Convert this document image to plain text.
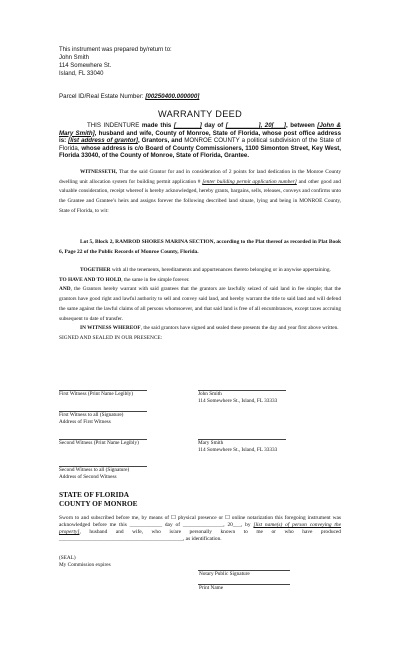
This instrument was prepared by/return to:
John Smith
114 Somewhere St.
Island, FL 33040
Parcel ID/Real Estate Number: [00250400.000000]
WARRANTY DEED
THIS INDENTURE made this [_______] day of [_________], 20[___], between [John & Mary Smith], husband and wife, County of Monroe, State of Florida, whose post office address is: [list address of grantor], Grantors, and MONROE COUNTY a political subdivision of the State of Florida, whose address is c/o Board of County Commissioners, 1100 Simonton Street, Key West, Florida 33040, of the County of Monroe, State of Florida, Grantee.
WITNESSETH, That the said Grantor for and in consideration of 2 points for land dedication in the Monroe County dwelling unit allocation system for building permit application # [enter building permit application number] and other good and valuable consideration, receipt whereof is hereby acknowledged, hereby grants, bargains, sells, releases, conveys and confirms unto the Grantee and Grantee’s heirs and assigns forever the following described land situate, lying and being in MONROE County, State of Florida, to wit:
Lot 5, Block 2, RAMROD SHORES MARINA SECTION, according to the Plat thereof as recorded in Plat Book 6, Page 22 of the Public Records of Monroe County, Florida.
TOGETHER with all the tenements, hereditaments and appurtenances thereto belonging or in anywise appertaining.
TO HAVE AND TO HOLD, the same in fee simple forever.
AND, the Grantors hereby warrant with said grantees that the grantors are lawfully seized of said land in fee simple; that the grantors have good right and lawful authority to sell and convey said land, and hereby warrant the title to said land and will defend the same against the lawful claims of all persons whomsoever, and that said land is free of all encumbrances, except taxes accruing subsequent to date of transfer.
IN WITNESS WHEREOF, the said grantors have signed and sealed these presents the day and year first above written.
SIGNED AND SEALED IN OUR PRESENCE:
First Witness (Print Name Legibly)	John Smith
114 Somewhere St., Island, FL 33333
First Witness to all (Signature)
Address of First Witness
Second Witness (Print Name Legibly)	Mary Smith
114 Somewhere St., Island, FL 33333
Second Witness to all (Signature)
Address of Second Witness
STATE OF FLORIDA
COUNTY OF MONROE
Sworn to and subscribed before me, by means of ☐ physical presence or ☐ online notarization this foregoing instrument was acknowledged before me this ____________ day of _______________, 20___, by [list name(s) of person conveying the property], husband and wife, who is/are personally known to me or who have produced ______________________________________________, as identification.
(SEAL)
My Commission expires
Notary Public Signature
Print Name
